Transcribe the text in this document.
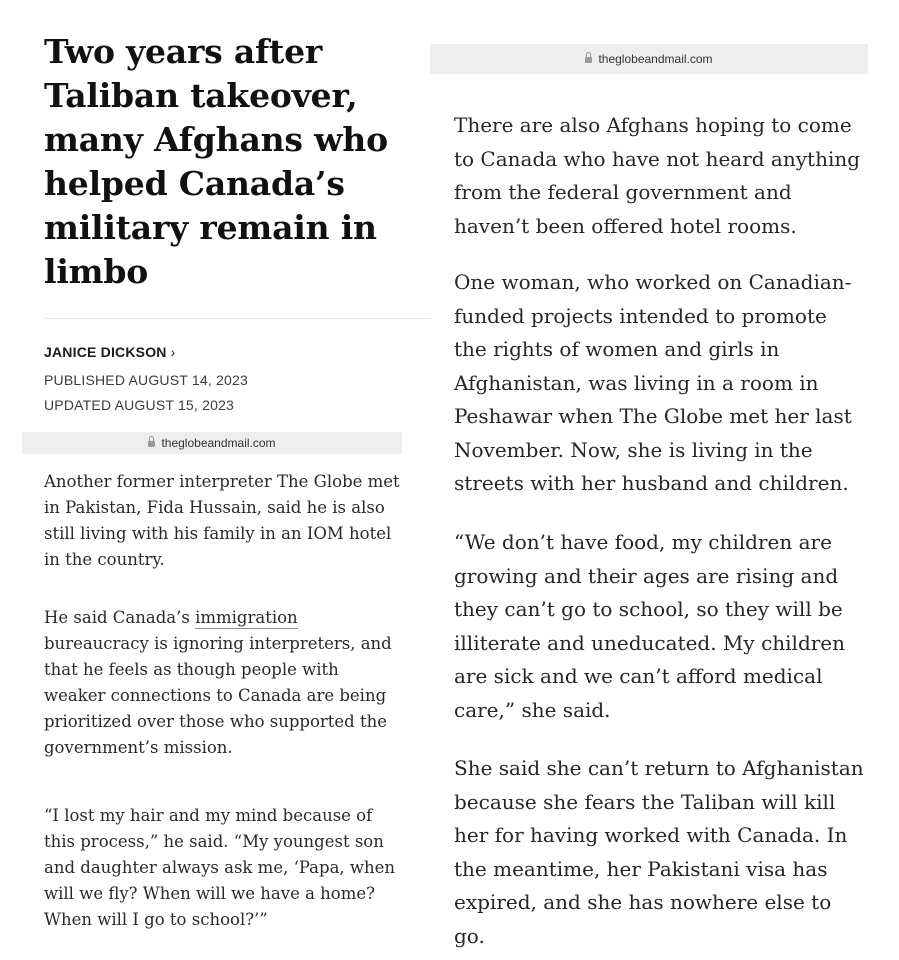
Two years after Taliban takeover, many Afghans who helped Canada’s military remain in limbo
JANICE DICKSON ›
PUBLISHED AUGUST 14, 2023
UPDATED AUGUST 15, 2023
theglobeandmail.com

Another former interpreter The Globe met in Pakistan, Fida Hussain, said he is also still living with his family in an IOM hotel in the country.

He said Canada’s immigration bureaucracy is ignoring interpreters, and that he feels as though people with weaker connections to Canada are being prioritized over those who supported the government’s mission.

“I lost my hair and my mind because of this process,” he said. “My youngest son and daughter always ask me, ‘Papa, when will we fly? When will we have a home? When will I go to school?’”

theglobeandmail.com

There are also Afghans hoping to come to Canada who have not heard anything from the federal government and haven’t been offered hotel rooms.

One woman, who worked on Canadian-funded projects intended to promote the rights of women and girls in Afghanistan, was living in a room in Peshawar when The Globe met her last November. Now, she is living in the streets with her husband and children.

“We don’t have food, my children are growing and their ages are rising and they can’t go to school, so they will be illiterate and uneducated. My children are sick and we can’t afford medical care,” she said.

She said she can’t return to Afghanistan because she fears the Taliban will kill her for having worked with Canada. In the meantime, her Pakistani visa has expired, and she has nowhere else to go.
